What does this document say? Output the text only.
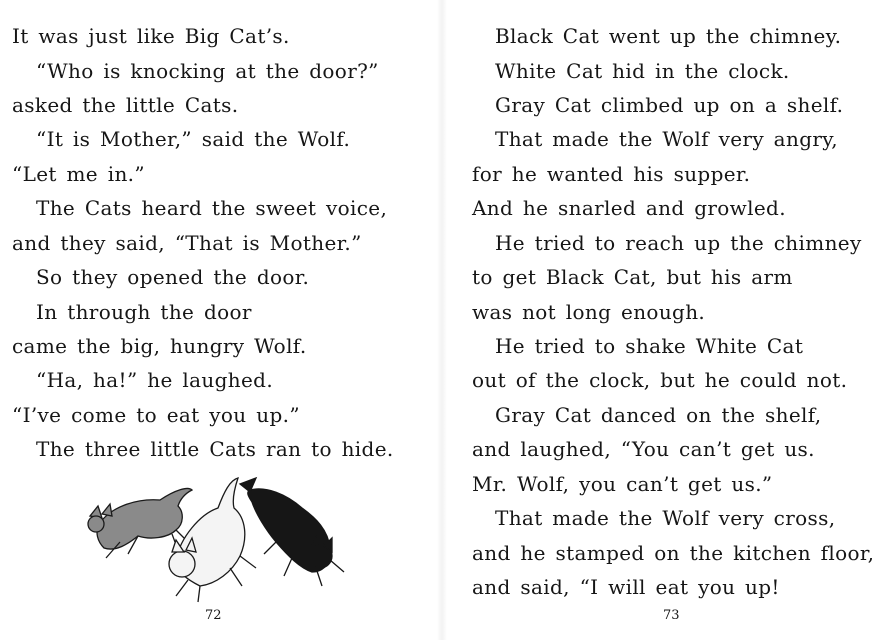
It was just like Big Cat’s.
“Who is knocking at the door?”
asked the little Cats.
“It is Mother,” said the Wolf.
“Let me in.”
The Cats heard the sweet voice,
and they said, “That is Mother.”
So they opened the door.
In through the door
came the big, hungry Wolf.
“Ha, ha!” he laughed.
“I’ve come to eat you up.”
The three little Cats ran to hide.
72
Black Cat went up the chimney.
White Cat hid in the clock.
Gray Cat climbed up on a shelf.
That made the Wolf very angry,
for he wanted his supper.
And he snarled and growled.
He tried to reach up the chimney
to get Black Cat, but his arm
was not long enough.
He tried to shake White Cat
out of the clock, but he could not.
Gray Cat danced on the shelf,
and laughed, “You can’t get us.
Mr. Wolf, you can’t get us.”
That made the Wolf very cross,
and he stamped on the kitchen floor,
and said, “I will eat you up!
73
